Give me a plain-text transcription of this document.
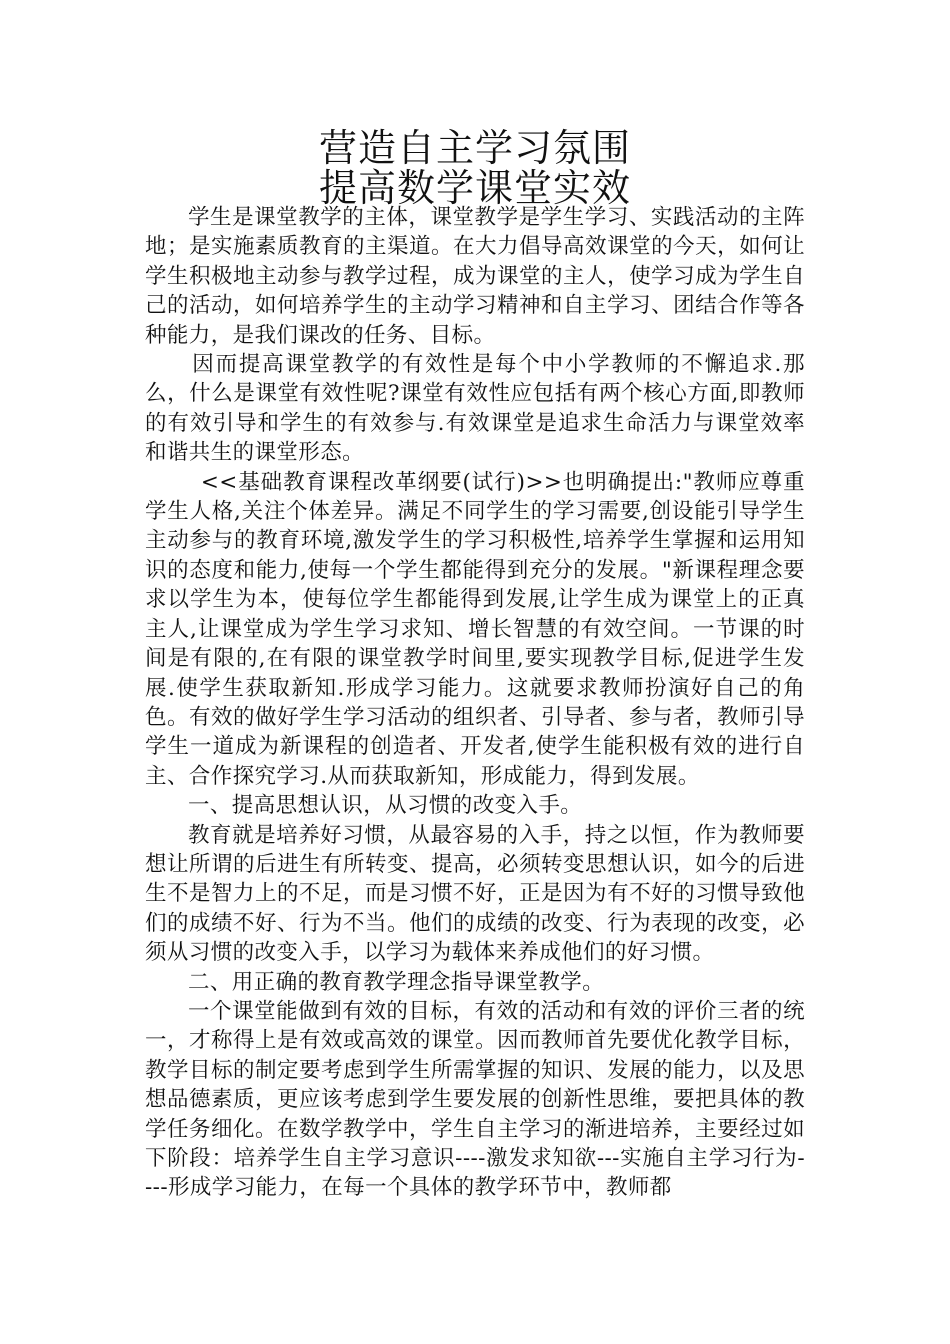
营造自主学习氛围
提高数学课堂实效

学生是课堂教学的主体，课堂教学是学生学习、实践活动的主阵地；是实施素质教育的主渠道。在大力倡导高效课堂的今天，如何让学生积极地主动参与教学过程，成为课堂的主人，使学习成为学生自己的活动，如何培养学生的主动学习精神和自主学习、团结合作等各种能力，是我们课改的任务、目标。

因而提高课堂教学的有效性是每个中小学教师的不懈追求.那么，什么是课堂有效性呢?课堂有效性应包括有两个核心方面,即教师的有效引导和学生的有效参与.有效课堂是追求生命活力与课堂效率和谐共生的课堂形态。

<<基础教育课程改革纲要(试行)>>也明确提出:"教师应尊重学生人格,关注个体差异。满足不同学生的学习需要,创设能引导学生主动参与的教育环境,激发学生的学习积极性,培养学生掌握和运用知识的态度和能力,使每一个学生都能得到充分的发展。"新课程理念要求以学生为本，使每位学生都能得到发展,让学生成为课堂上的正真主人,让课堂成为学生学习求知、增长智慧的有效空间。一节课的时间是有限的,在有限的课堂教学时间里,要实现教学目标,促进学生发展.使学生获取新知.形成学习能力。这就要求教师扮演好自己的角色。有效的做好学生学习活动的组织者、引导者、参与者，教师引导学生一道成为新课程的创造者、开发者,使学生能积极有效的进行自主、合作探究学习.从而获取新知，形成能力，得到发展。

一、提高思想认识，从习惯的改变入手。

教育就是培养好习惯，从最容易的入手，持之以恒，作为教师要想让所谓的后进生有所转变、提高，必须转变思想认识，如今的后进生不是智力上的不足，而是习惯不好，正是因为有不好的习惯导致他们的成绩不好、行为不当。他们的成绩的改变、行为表现的改变，必须从习惯的改变入手，以学习为载体来养成他们的好习惯。

二、用正确的教育教学理念指导课堂教学。

一个课堂能做到有效的目标，有效的活动和有效的评价三者的统一，才称得上是有效或高效的课堂。因而教师首先要优化教学目标，教学目标的制定要考虑到学生所需掌握的知识、发展的能力，以及思想品德素质，更应该考虑到学生要发展的创新性思维，要把具体的教学任务细化。在数学教学中，学生自主学习的渐进培养，主要经过如下阶段：培养学生自主学习意识----激发求知欲---实施自主学习行为----形成学习能力，在每一个具体的教学环节中，教师都
